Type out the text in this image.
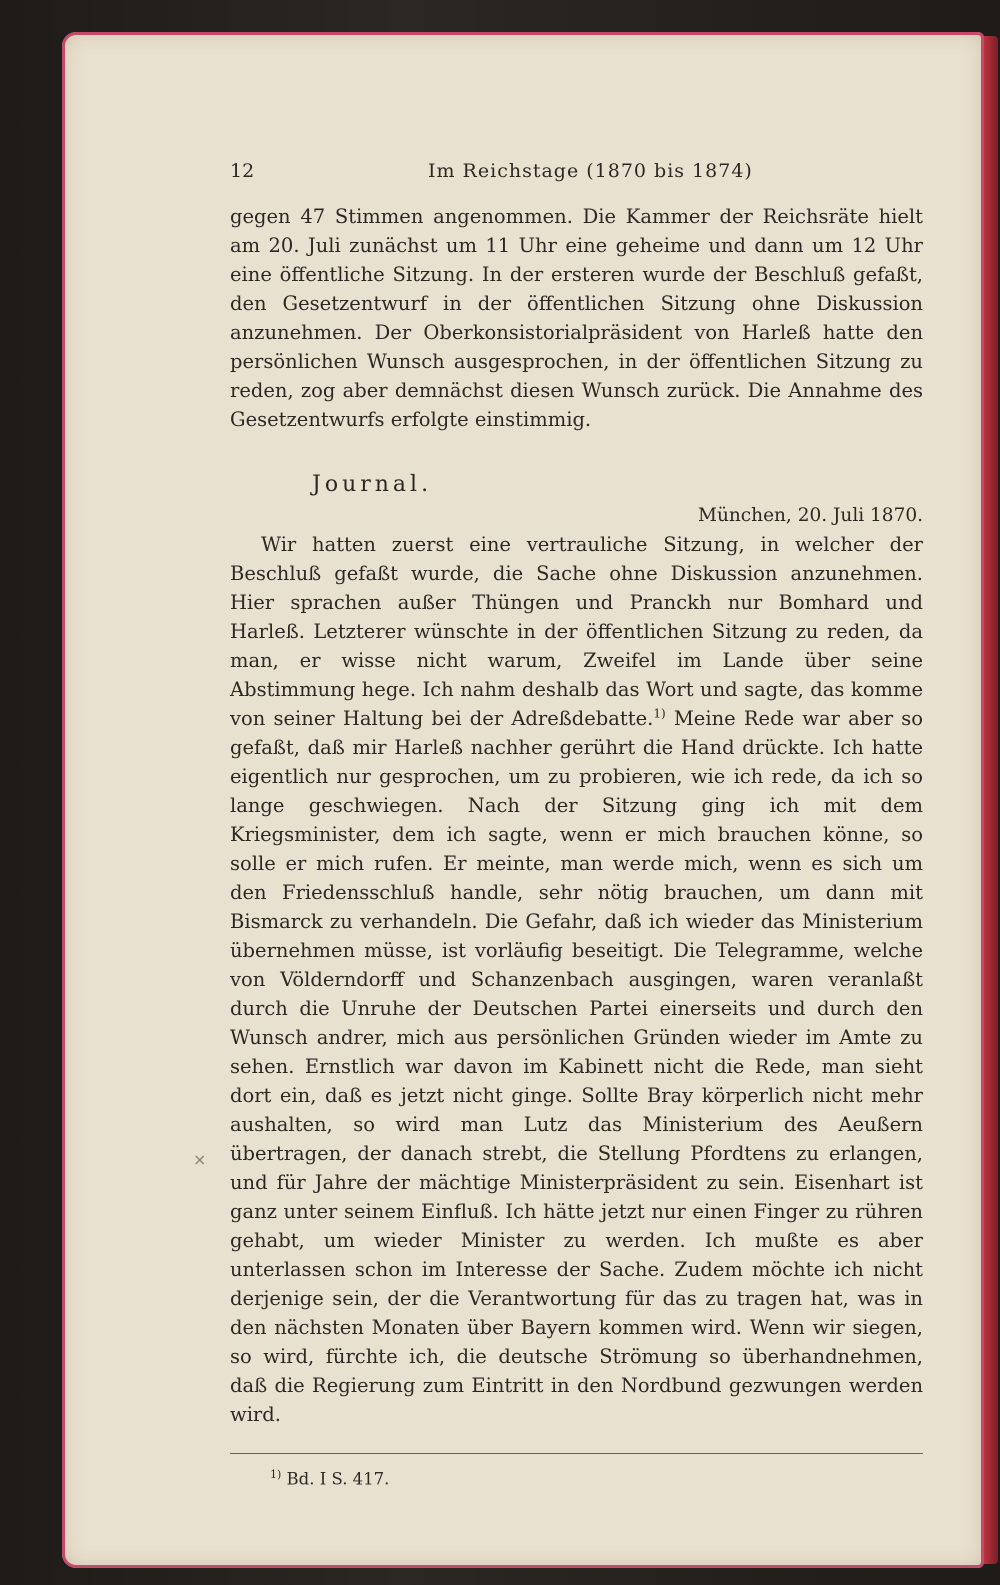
12	Im Reichstage (1870 bis 1874)

gegen 47 Stimmen angenommen. Die Kammer der Reichsräte hielt am 20. Juli zunächst um 11 Uhr eine geheime und dann um 12 Uhr eine öffentliche Sitzung. In der ersteren wurde der Beschluß gefaßt, den Gesetzentwurf in der öffentlichen Sitzung ohne Diskussion anzunehmen. Der Oberkonsistorialpräsident von Harleß hatte den persönlichen Wunsch ausgesprochen, in der öffentlichen Sitzung zu reden, zog aber demnächst diesen Wunsch zurück. Die Annahme des Gesetzentwurfs erfolgte einstimmig.

Journal.
München, 20. Juli 1870.

Wir hatten zuerst eine vertrauliche Sitzung, in welcher der Beschluß gefaßt wurde, die Sache ohne Diskussion anzunehmen. Hier sprachen außer Thüngen und Pranckh nur Bomhard und Harleß. Letzterer wünschte in der öffentlichen Sitzung zu reden, da man, er wisse nicht warum, Zweifel im Lande über seine Abstimmung hege. Ich nahm deshalb das Wort und sagte, das komme von seiner Haltung bei der Adreßdebatte.$^{1)}$ Meine Rede war aber so gefaßt, daß mir Harleß nachher gerührt die Hand drückte. Ich hatte eigentlich nur gesprochen, um zu probieren, wie ich rede, da ich so lange geschwiegen. Nach der Sitzung ging ich mit dem Kriegsminister, dem ich sagte, wenn er mich brauchen könne, so solle er mich rufen. Er meinte, man werde mich, wenn es sich um den Friedensschluß handle, sehr nötig brauchen, um dann mit Bismarck zu verhandeln. Die Gefahr, daß ich wieder das Ministerium übernehmen müsse, ist vorläufig beseitigt. Die Telegramme, welche von Völderndorff und Schanzenbach ausgingen, waren veranlaßt durch die Unruhe der Deutschen Partei einerseits und durch den Wunsch andrer, mich aus persönlichen Gründen wieder im Amte zu sehen. Ernstlich war davon im Kabinett nicht die Rede, man sieht dort ein, daß es jetzt nicht ginge. Sollte Bray körperlich nicht mehr aushalten, so wird man Lutz das Ministerium des Aeußern übertragen, der danach strebt, die Stellung Pfordtens zu erlangen, und für Jahre der mächtige Ministerpräsident zu sein. Eisenhart ist ganz unter seinem Einfluß. Ich hätte jetzt nur einen Finger zu rühren gehabt, um wieder Minister zu werden. Ich mußte es aber unterlassen schon im Interesse der Sache. Zudem möchte ich nicht derjenige sein, der die Verantwortung für das zu tragen hat, was in den nächsten Monaten über Bayern kommen wird. Wenn wir siegen, so wird, fürchte ich, die deutsche Strömung so überhandnehmen, daß die Regierung zum Eintritt in den Nordbund gezwungen werden wird.

$^{1)}$ Bd. I S. 417.
×
